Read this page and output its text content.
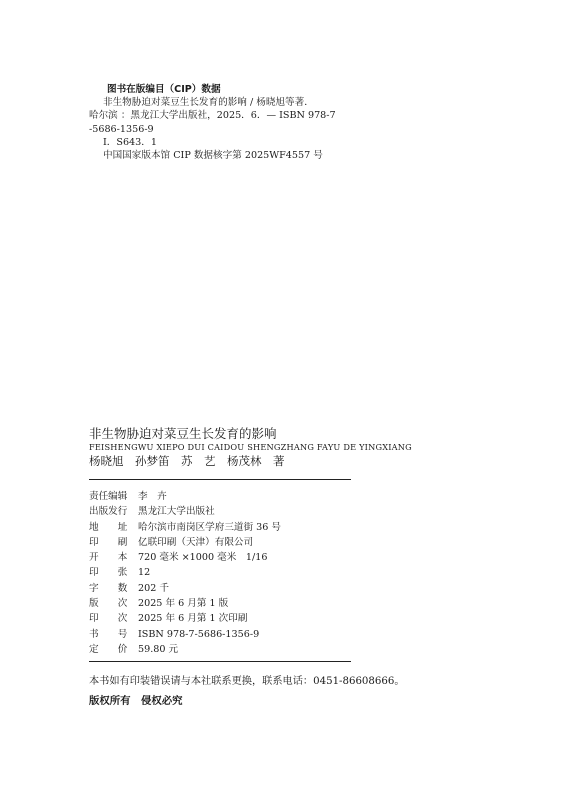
图书在版编目（CIP）数据
非生物胁迫对菜豆生长发育的影响 / 杨晓旭等著．
哈尔滨 ：黑龙江大学出版社，2025．6．— ISBN 978-7
-5686-1356-9
Ⅰ．S643．1
中国国家版本馆 CIP 数据核字第 2025WF4557 号
非生物胁迫对菜豆生长发育的影响
FEISHENGWU XIEPO DUI CAIDOU SHENGZHANG FAYU DE YINGXIANG
杨晓旭　孙梦笛　苏　艺　杨茂林　著
责任编辑	李　卉
出版发行	黑龙江大学出版社
地　　址	哈尔滨市南岗区学府三道街 36 号
印　　刷	亿联印刷（天津）有限公司
开　　本	720 毫米 ×1000 毫米　1/16
印　　张	12
字　　数	202 千
版　　次	2025 年 6 月第 1 版
印　　次	2025 年 6 月第 1 次印刷
书　　号	ISBN 978-7-5686-1356-9
定　　价	59.80 元
本书如有印装错误请与本社联系更换，联系电话：0451-86608666。
版权所有　侵权必究
